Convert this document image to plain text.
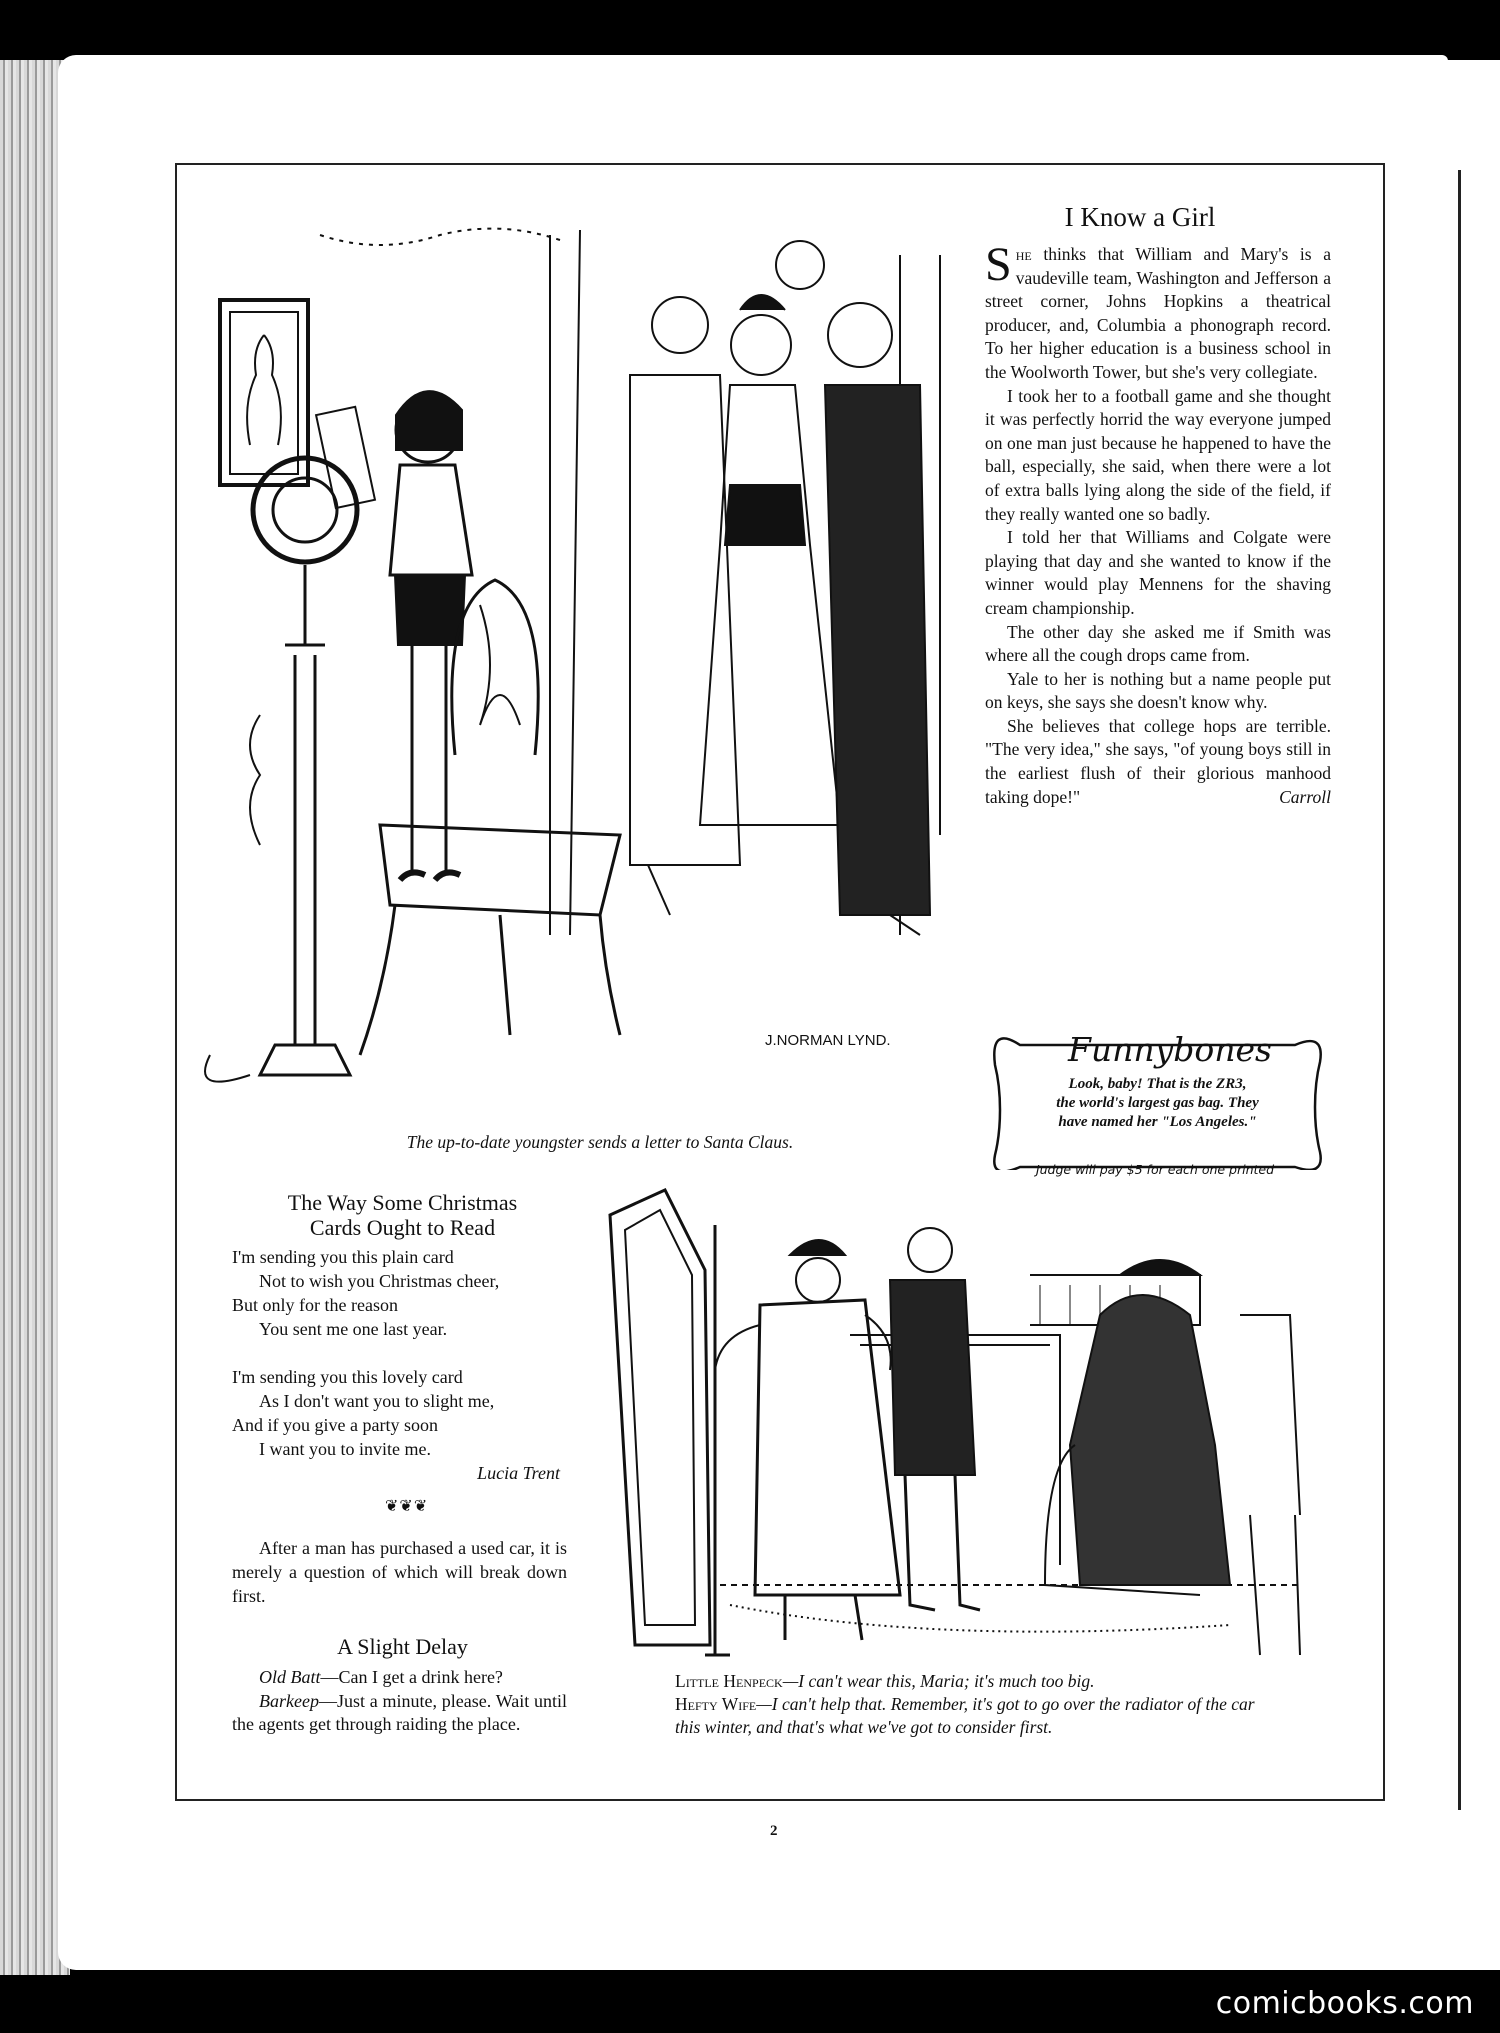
J.NORMAN LYND.
The up-to-date youngster sends a letter to Santa Claus.
I Know a Girl

She thinks that William and Mary's is a vaudeville team, Washington and Jefferson a street corner, Johns Hopkins a theatrical producer, and, Columbia a phonograph record. To her higher education is a business school in the Woolworth Tower, but she's very collegiate.

I took her to a football game and she thought it was perfectly horrid the way everyone jumped on one man just because he happened to have the ball, especially, she said, when there were a lot of extra balls lying along the side of the field, if they really wanted one so badly.

I told her that Williams and Colgate were playing that day and she wanted to know if the winner would play Mennens for the shaving cream championship.

The other day she asked me if Smith was where all the cough drops came from.

Yale to her is nothing but a name people put on keys, she says she doesn't know why.

She believes that college hops are terrible. "The very idea," she says, "of young boys still in the earliest flush of their glorious manhood taking dope!"	Carroll

Funnybones
Look, baby! That is the ZR3,
the world's largest gas bag. They
have named her "Los Angeles."
Judge will pay $5 for each one printed
The Way Some Christmas
Cards Ought to Read
I'm sending you this plain card
Not to wish you Christmas cheer,
But only for the reason
You sent me one last year.
I'm sending you this lovely card
As I don't want you to slight me,
And if you give a party soon
I want you to invite me.
Lucia Trent
❦❦❦
After a man has purchased a used car, it is merely a question of which will break down first.
A Slight Delay

Old Batt—Can I get a drink here?

Barkeep—Just a minute, please. Wait until the agents get through raiding the place.

Little Henpeck—I can't wear this, Maria; it's much too big.
Hefty Wife—I can't help that. Remember, it's got to go over the radiator of the car this winter, and that's what we've got to consider first.
2
comicbooks.com
